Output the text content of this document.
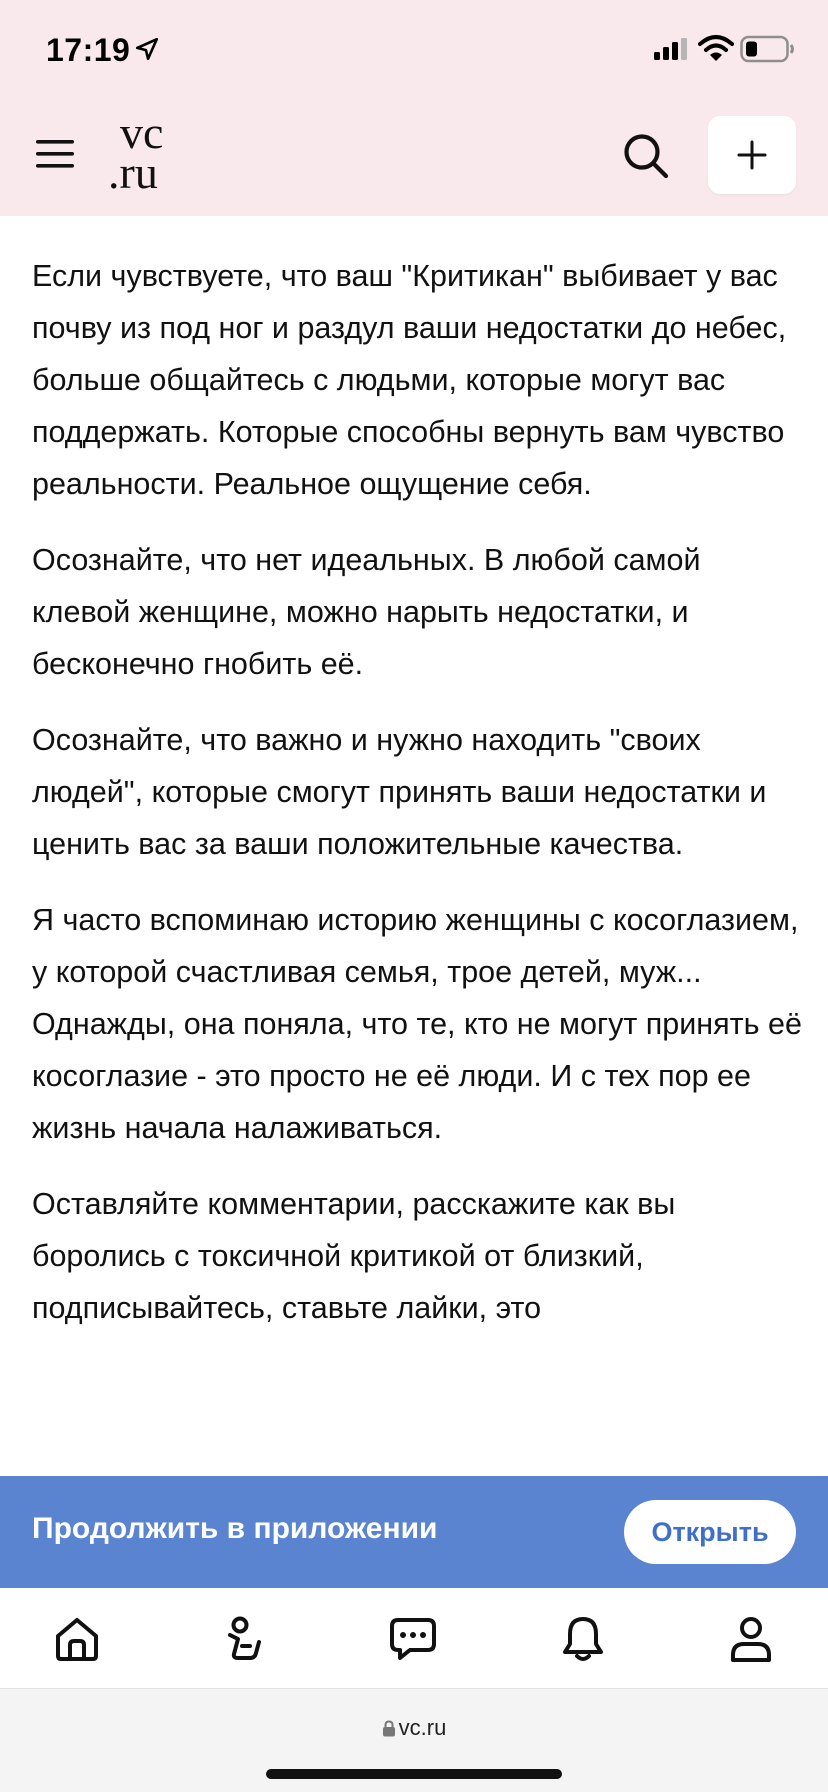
17:19
vc
.ru

Если чувствуете, что ваш "Критикан" выбивает у вас почву из под ног и раздул ваши недостатки до небес, больше общайтесь с людьми, которые могут вас поддержать. Которые способны вернуть вам чувство реальности. Реальное ощущение себя.

Осознайте, что нет идеальных. В любой самой клевой женщине, можно нарыть недостатки, и бесконечно гнобить её.

Осознайте, что важно и нужно находить "своих людей", которые смогут принять ваши недостатки и ценить вас за ваши положительные качества.

Я часто вспоминаю историю женщины с косоглазием, у которой счастливая семья, трое детей, муж... Однажды, она поняла, что те, кто не могут принять её косоглазие - это просто не её люди. И с тех пор ее жизнь начала налаживаться.

Оставляйте комментарии, расскажите как вы боролись с токсичной критикой от близкий, подписывайтесь, ставьте лайки, это

Продолжить в приложении	Открыть
vc.ru
